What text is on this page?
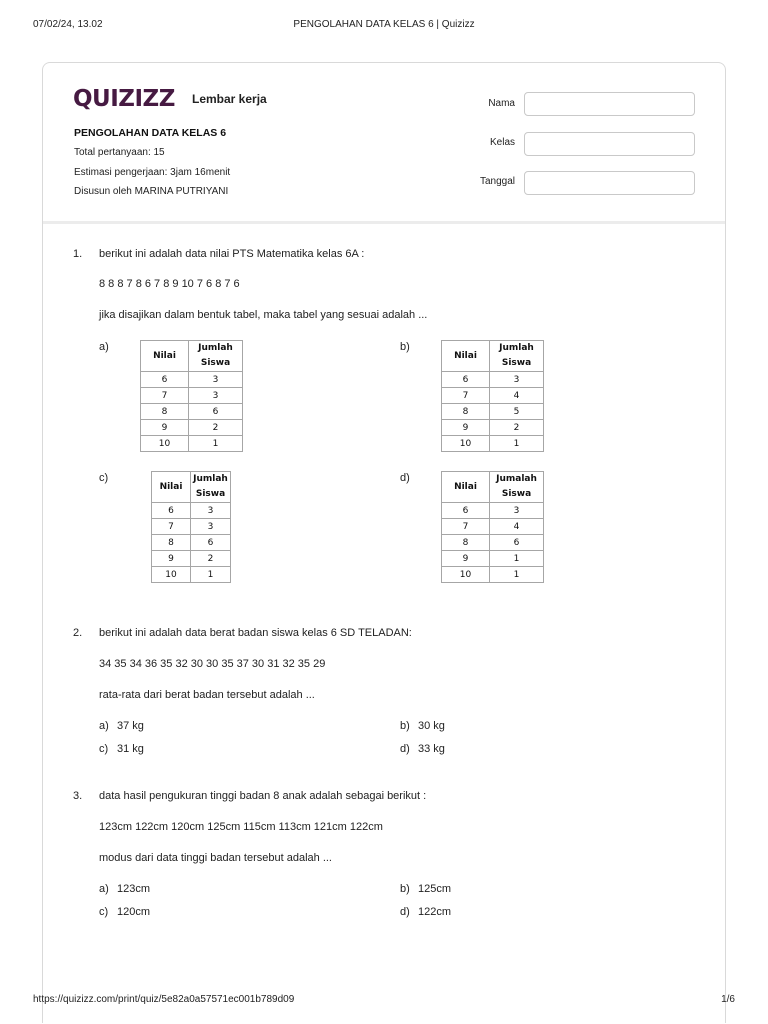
07/02/24, 13.02	PENGOLAHAN DATA KELAS 6 | Quizizz
QUIZIZZ Lembar kerja
PENGOLAHAN DATA KELAS 6
Total pertanyaan: 15
Estimasi pengerjaan: 3jam 16menit
Disusun oleh MARINA PUTRIYANI
Nama
Kelas
Tanggal
1. berikut ini adalah data nilai PTS Matematika kelas 6A :
8 8 8 7 8 6 7 8 9 10 7 6 8 7 6
jika disajikan dalam bentuk tabel, maka tabel yang sesuai adalah ...
a)
Nilai	Jumlah
	Siswa
6	3
7	3
8	6
9	2
10	1
b)
Nilai	Jumlah
	Siswa
6	3
7	4
8	5
9	2
10	1
c)
Nilai	Jumlah
	Siswa
6	3
7	3
8	6
9	2
10	1
d)
Nilai	Jumalah
	Siswa
6	3
7	4
8	6
9	1
10	1
2. berikut ini adalah data berat badan siswa kelas 6 SD TELADAN:
34 35 34 36 35 32 30 30 35 37 30 31 32 35 29
rata-rata dari berat badan tersebut adalah ...
a) 37 kg	b) 30 kg
c) 31 kg	d) 33 kg
3. data hasil pengukuran tinggi badan 8 anak adalah sebagai berikut :
123cm 122cm 120cm 125cm 115cm 113cm 121cm 122cm
modus dari data tinggi badan tersebut adalah ...
a) 123cm	b) 125cm
c) 120cm	d) 122cm
https://quizizz.com/print/quiz/5e82a0a57571ec001b789d09	1/6
